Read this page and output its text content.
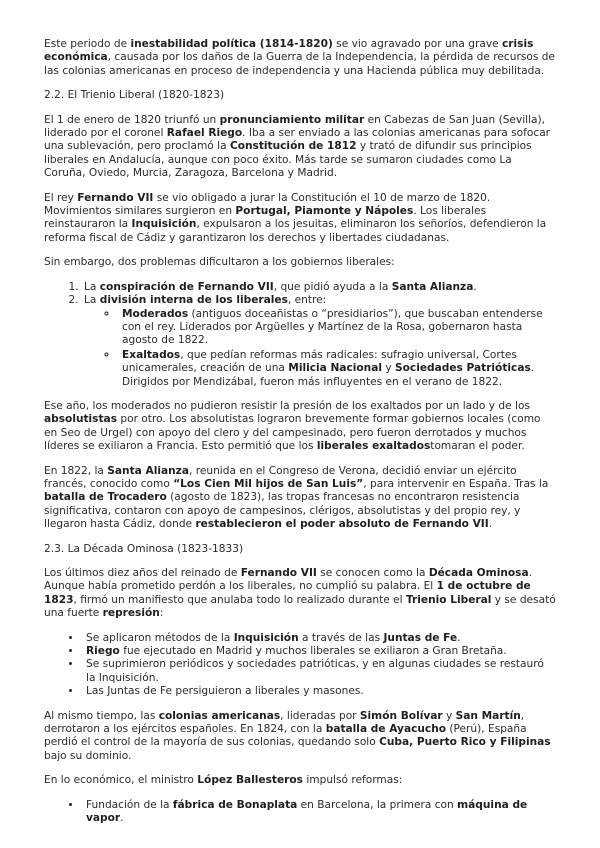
Este periodo de inestabilidad política (1814-1820) se vio agravado por una grave crisis económica, causada por los daños de la Guerra de la Independencia, la pérdida de recursos de las colonias americanas en proceso de independencia y una Hacienda pública muy debilitada.

2.2. El Trienio Liberal (1820-1823)

El 1 de enero de 1820 triunfó un pronunciamiento militar en Cabezas de San Juan (Sevilla), liderado por el coronel Rafael Riego. Iba a ser enviado a las colonias americanas para sofocar una sublevación, pero proclamó la Constitución de 1812 y trató de difundir sus principios liberales en Andalucía, aunque con poco éxito. Más tarde se sumaron ciudades como La Coruña, Oviedo, Murcia, Zaragoza, Barcelona y Madrid.

El rey Fernando VII se vio obligado a jurar la Constitución el 10 de marzo de 1820. Movimientos similares surgieron en Portugal, Piamonte y Nápoles. Los liberales reinstauraron la Inquisición, expulsaron a los jesuitas, eliminaron los señoríos, defendieron la reforma fiscal de Cádiz y garantizaron los derechos y libertades ciudadanas.

Sin embargo, dos problemas dificultaron a los gobiernos liberales:

1. La conspiración de Fernando VII, que pidió ayuda a la Santa Alianza.
2. La división interna de los liberales, entre:
◦ Moderados (antiguos doceañistas o “presidiarios”), que buscaban entenderse con el rey. Liderados por Argüelles y Martínez de la Rosa, gobernaron hasta agosto de 1822.
◦ Exaltados, que pedían reformas más radicales: sufragio universal, Cortes unicamerales, creación de una Milicia Nacional y Sociedades Patrióticas. Dirigidos por Mendizábal, fueron más influyentes en el verano de 1822.

Ese año, los moderados no pudieron resistir la presión de los exaltados por un lado y de los absolutistas por otro. Los absolutistas lograron brevemente formar gobiernos locales (como en Seo de Urgel) con apoyo del clero y del campesinado, pero fueron derrotados y muchos líderes se exiliaron a Francia. Esto permitió que los liberales exaltadostomaran el poder.

En 1822, la Santa Alianza, reunida en el Congreso de Verona, decidió enviar un ejército francés, conocido como “Los Cien Mil hijos de San Luis”, para intervenir en España. Tras la batalla de Trocadero (agosto de 1823), las tropas francesas no encontraron resistencia significativa, contaron con apoyo de campesinos, clérigos, absolutistas y del propio rey, y llegaron hasta Cádiz, donde restablecieron el poder absoluto de Fernando VII.

2.3. La Década Ominosa (1823-1833)

Los últimos diez años del reinado de Fernando VII se conocen como la Década Ominosa. Aunque había prometido perdón a los liberales, no cumplió su palabra. El 1 de octubre de 1823, firmó un manifiesto que anulaba todo lo realizado durante el Trienio Liberal y se desató una fuerte represión:

• Se aplicaron métodos de la Inquisición a través de las Juntas de Fe.
• Riego fue ejecutado en Madrid y muchos liberales se exiliaron a Gran Bretaña.
• Se suprimieron periódicos y sociedades patrióticas, y en algunas ciudades se restauró la Inquisición.
• Las Juntas de Fe persiguieron a liberales y masones.

Al mismo tiempo, las colonias americanas, lideradas por Simón Bolívar y San Martín, derrotaron a los ejércitos españoles. En 1824, con la batalla de Ayacucho (Perú), España perdió el control de la mayoría de sus colonias, quedando solo Cuba, Puerto Rico y Filipinas bajo su dominio.

En lo económico, el ministro López Ballesteros impulsó reformas:

• Fundación de la fábrica de Bonaplata en Barcelona, la primera con máquina de vapor.
